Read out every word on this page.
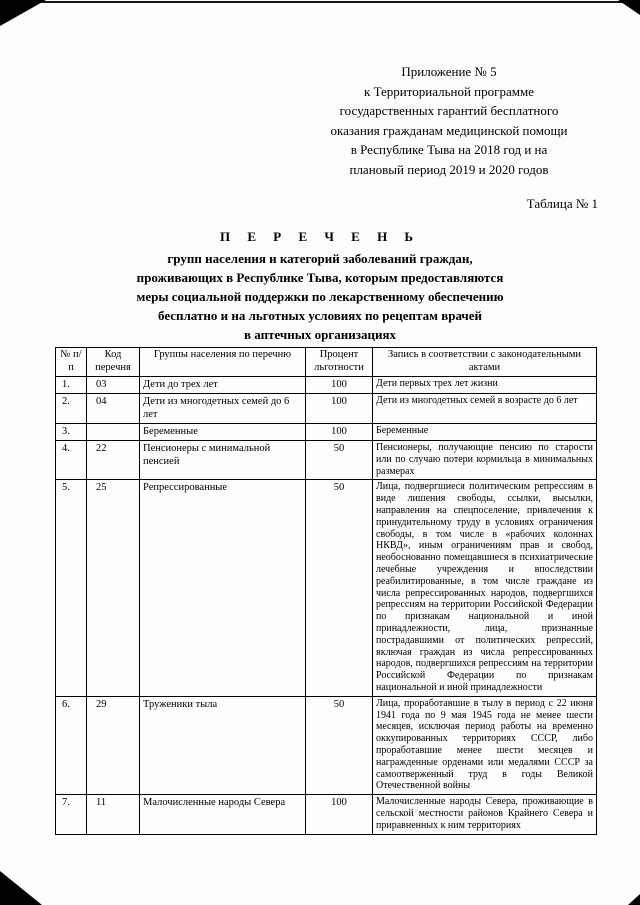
Приложение № 5
к Территориальной программе
государственных гарантий бесплатного
оказания гражданам медицинской помощи
в Республике Тыва на 2018 год и на
плановый период 2019 и 2020 годов
Таблица № 1
П Е Р Е Ч Е Н Ь
групп населения и категорий заболеваний граждан,
проживающих в Республике Тыва, которым предоставляются
меры социальной поддержки по лекарственному обеспечению
бесплатно и на льготных условиях по рецептам врачей
в аптечных организациях
№ п/п	Код перечня	Группы населения по перечню	Процент льготности	Запись в соответствии с законодательными актами
1.	03	Дети до трех лет	100	Дети первых трех лет жизни
2.	04	Дети из многодетных семей до 6 лет	100	Дети из многодетных семей в возрасте до 6 лет
3.		Беременные	100	Беременные
4.	22	Пенсионеры с минимальной пенсией	50	Пенсионеры, получающие пенсию по старости или по случаю потери кормильца в минимальных размерах
5.	25	Репрессированные	50	Лица, подвергшиеся политическим репрессиям в виде лишения свободы, ссылки, высылки, направления на спецпоселение, привлечения к принудительному труду в условиях ограничения свободы, в том числе в «рабочих колоннах НКВД», иным ограничениям прав и свобод, необоснованно помещавшиеся в психиатрические лечебные учреждения и впоследствии реабилитированные, в том числе граждане из числа репрессированных народов, подвергшихся репрессиям на территории Российской Федерации по признакам национальной и иной принадлежности, лица, признанные пострадавшими от политических репрессий, включая граждан из числа репрессированных народов, подвергшихся репрессиям на территории Российской Федерации по признакам национальной и иной принадлежности
6.	29	Труженики тыла	50	Лица, проработавшие в тылу в период с 22 июня 1941 года по 9 мая 1945 года не менее шести месяцев, исключая период работы на временно оккупированных территориях СССР, либо проработавшие менее шести месяцев и награжденные орденами или медалями СССР за самоотверженный труд в годы Великой Отечественной войны
7.	11	Малочисленные народы Севера	100	Малочисленные народы Севера, проживающие в сельской местности районов Крайнего Севера и приравненных к ним территориях
